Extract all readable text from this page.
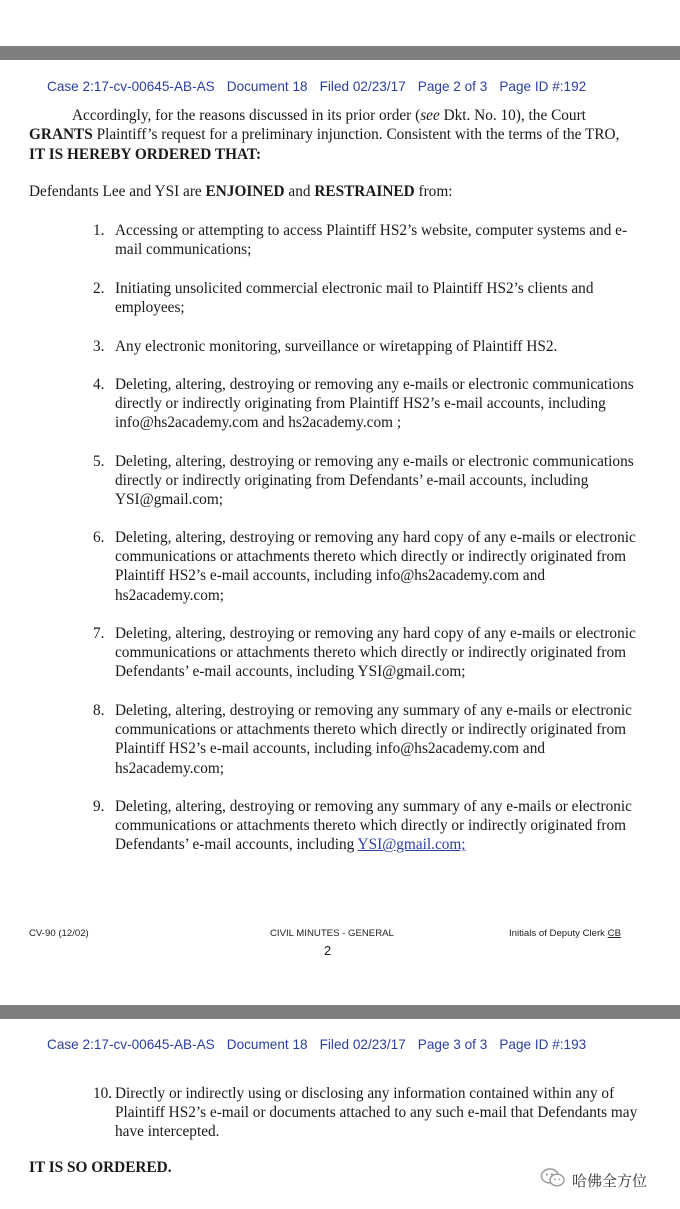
Case 2:17-cv-00645-AB-AS Document 18 Filed 02/23/17 Page 2 of 3 Page ID #:192
Accordingly, for the reasons discussed in its prior order (see Dkt. No. 10), the Court GRANTS Plaintiff’s request for a preliminary injunction. Consistent with the terms of the TRO, IT IS HEREBY ORDERED THAT:
Defendants Lee and YSI are ENJOINED and RESTRAINED from:
1. Accessing or attempting to access Plaintiff HS2’s website, computer systems and e-mail communications;
2. Initiating unsolicited commercial electronic mail to Plaintiff HS2’s clients and employees;
3. Any electronic monitoring, surveillance or wiretapping of Plaintiff HS2.
4. Deleting, altering, destroying or removing any e-mails or electronic communications directly or indirectly originating from Plaintiff HS2’s e-mail accounts, including info@hs2academy.com and hs2academy.com ;
5. Deleting, altering, destroying or removing any e-mails or electronic communications directly or indirectly originating from Defendants’ e-mail accounts, including YSI@gmail.com;
6. Deleting, altering, destroying or removing any hard copy of any e-mails or electronic communications or attachments thereto which directly or indirectly originated from Plaintiff HS2’s e-mail accounts, including info@hs2academy.com and hs2academy.com;
7. Deleting, altering, destroying or removing any hard copy of any e-mails or electronic communications or attachments thereto which directly or indirectly originated from Defendants’ e-mail accounts, including YSI@gmail.com;
8. Deleting, altering, destroying or removing any summary of any e-mails or electronic communications or attachments thereto which directly or indirectly originated from Plaintiff HS2’s e-mail accounts, including info@hs2academy.com and hs2academy.com;
9. Deleting, altering, destroying or removing any summary of any e-mails or electronic communications or attachments thereto which directly or indirectly originated from Defendants’ e-mail accounts, including YSI@gmail.com;
CV-90 (12/02)	CIVIL MINUTES - GENERAL	Initials of Deputy Clerk CB
2
Case 2:17-cv-00645-AB-AS Document 18 Filed 02/23/17 Page 3 of 3 Page ID #:193
10. Directly or indirectly using or disclosing any information contained within any of Plaintiff HS2’s e-mail or documents attached to any such e-mail that Defendants may have intercepted.
IT IS SO ORDERED.
哈佛全方位
